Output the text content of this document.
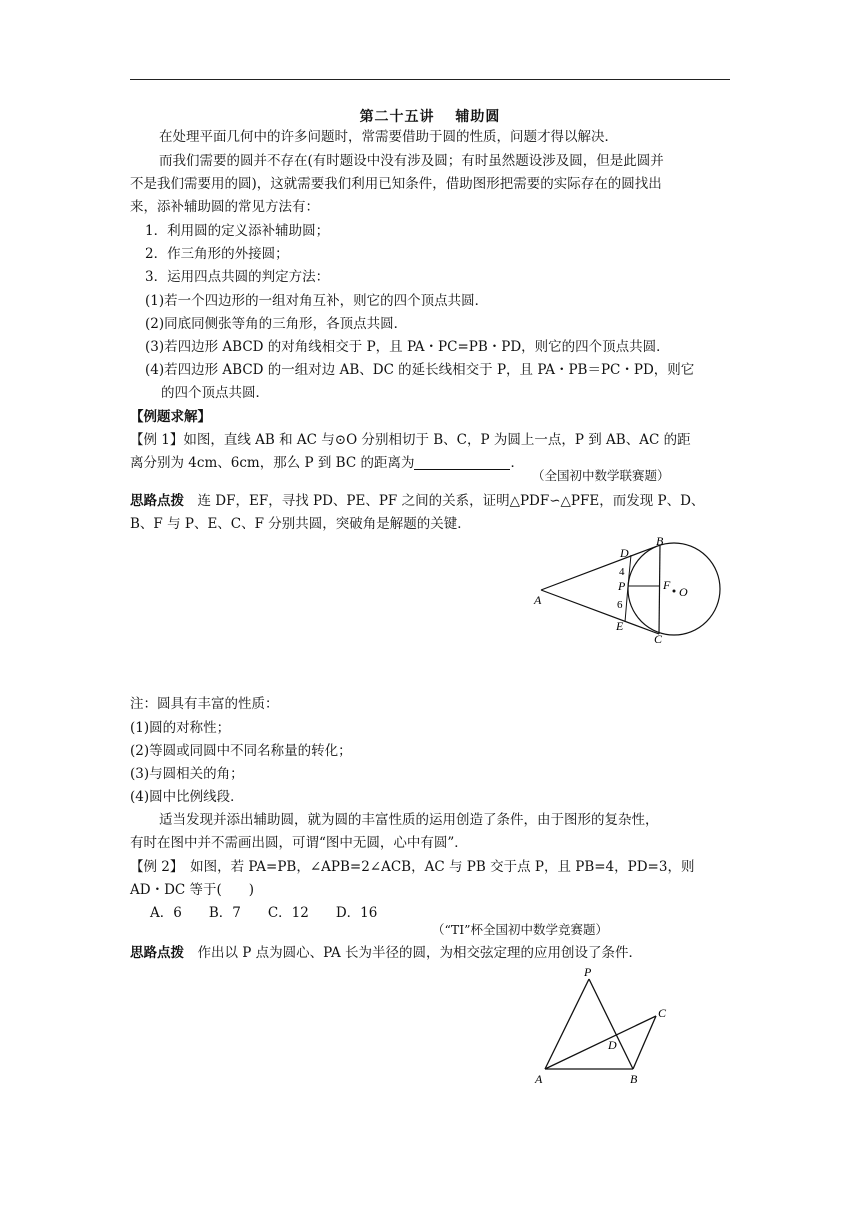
第二十五讲　 辅助圆
在处理平面几何中的许多问题时，常需要借助于圆的性质，问题才得以解决．
而我们需要的圆并不存在(有时题设中没有涉及圆；有时虽然题设涉及圆，但是此圆并
不是我们需要用的圆)，这就需要我们利用已知条件，借助图形把需要的实际存在的圆找出
来，添补辅助圆的常见方法有：
1．利用圆的定义添补辅助圆；
2．作三角形的外接圆；
3．运用四点共圆的判定方法：
(1)若一个四边形的一组对角互补，则它的四个顶点共圆．
(2)同底同侧张等角的三角形，各顶点共圆．
(3)若四边形 ABCD 的对角线相交于 P，且 PA・PC=PB・PD，则它的四个顶点共圆．
(4)若四边形 ABCD 的一组对边 AB、DC 的延长线相交于 P，且 PA・PB＝PC・PD，则它
的四个顶点共圆．
【例题求解】
【例 1】如图，直线 AB 和 AC 与⊙O 分别相切于 B、C，P 为圆上一点，P 到 AB、AC 的距
离分别为 4cm、6cm，那么 P 到 BC 的距离为	．
（全国初中数学联赛题）
思路点拨　 连 DF，EF，寻找 PD、PE、PF 之间的关系，证明△PDF∽△PFE，而发现 P、D、
B、F 与 P、E、C、F 分别共圆，突破角是解题的关键．
A
B
C
D
E
P	F O
4
6
注：圆具有丰富的性质：
(1)圆的对称性；
(2)等圆或同圆中不同名称量的转化；
(3)与圆相关的角；
(4)圆中比例线段．
适当发现并添出辅助圆，就为圆的丰富性质的运用创造了条件，由于图形的复杂性，
有时在图中并不需画出圆，可谓“图中无圆，心中有圆”．
【例 2】　如图，若 PA=PB，∠APB=2∠ACB，AC 与 PB 交于点 P，且 PB=4，PD=3，则
AD・DC 等于(　　)
A．6　　B．7　　C．12　　D．16
（“TI”杯全国初中数学竞赛题）
思路点拨　 作出以 P 点为圆心、PA 长为半径的圆，为相交弦定理的应用创设了条件．
P
A	B
C
D
